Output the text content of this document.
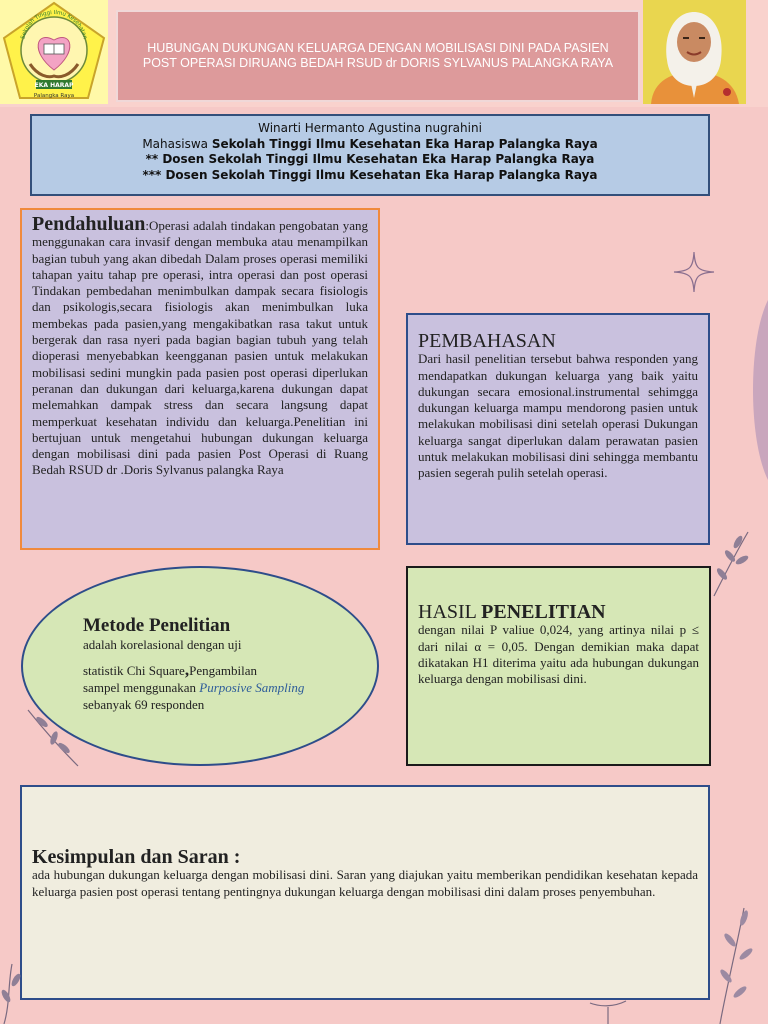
EKA HARAP
Palangka Raya
Sekolah Tinggi Ilmu Kesehatan
HUBUNGAN DUKUNGAN KELUARGA DENGAN MOBILISASI DINI PADA PASIEN POST OPERASI DIRUANG BEDAH RSUD dr DORIS SYLVANUS PALANGKA RAYA
Winarti Hermanto Agustina nugrahini
Mahasiswa Sekolah Tinggi Ilmu Kesehatan Eka Harap Palangka Raya
** Dosen Sekolah Tinggi Ilmu Kesehatan Eka Harap Palangka Raya
*** Dosen Sekolah Tinggi Ilmu Kesehatan Eka Harap Palangka Raya
Pendahuluan:Operasi adalah tindakan pengobatan yang menggunakan cara invasif dengan membuka atau menampilkan bagian tubuh yang akan dibedah Dalam proses operasi memiliki tahapan yaitu tahap pre operasi, intra operasi dan post operasi Tindakan pembedahan menimbulkan dampak secara fisiologis dan psikologis,secara fisiologis akan menimbulkan luka membekas pada pasien,yang mengakibatkan rasa takut untuk bergerak dan rasa nyeri pada bagian bagian tubuh yang telah dioperasi menyebabkan keengganan pasien untuk melakukan mobilisasi sedini mungkin pada pasien post operasi diperlukan peranan dan dukungan dari keluarga,karena dukungan dapat melemahkan dampak stress dan secara langsung dapat memperkuat kesehatan individu dan keluarga.Penelitian ini bertujuan untuk mengetahui hubungan dukungan keluarga dengan mobilisasi dini pada pasien Post Operasi di Ruang Bedah RSUD dr .Doris Sylvanus palangka Raya
PEMBAHASAN
Dari hasil penelitian tersebut bahwa responden yang mendapatkan dukungan keluarga yang baik yaitu dukungan secara emosional.instrumental sehimgga dukungan keluarga mampu mendorong pasien untuk melakukan mobilisasi dini setelah operasi Dukungan keluarga sangat diperlukan dalam perawatan pasien untuk melakukan mobilisasi dini sehingga membantu pasien segerah pulih setelah operasi.
HASIL PENELITIAN
dengan nilai P valiue 0,024, yang artinya nilai p ≤ dari nilai α = 0,05. Dengan demikian maka dapat dikatakan H1 diterima yaitu ada hubungan dukungan keluarga dengan mobilisasi dini.
Metode Penelitian
adalah korelasional dengan uji
statistik Chi Square,Pengambilan
sampel menggunakan Purposive Sampling sebanyak 69 responden
Kesimpulan dan Saran :
ada hubungan dukungan keluarga dengan mobilisasi dini. Saran yang diajukan yaitu memberikan pendidikan kesehatan kepada keluarga pasien post operasi tentang pentingnya dukungan keluarga dengan mobilisasi dini dalam proses penyembuhan.
